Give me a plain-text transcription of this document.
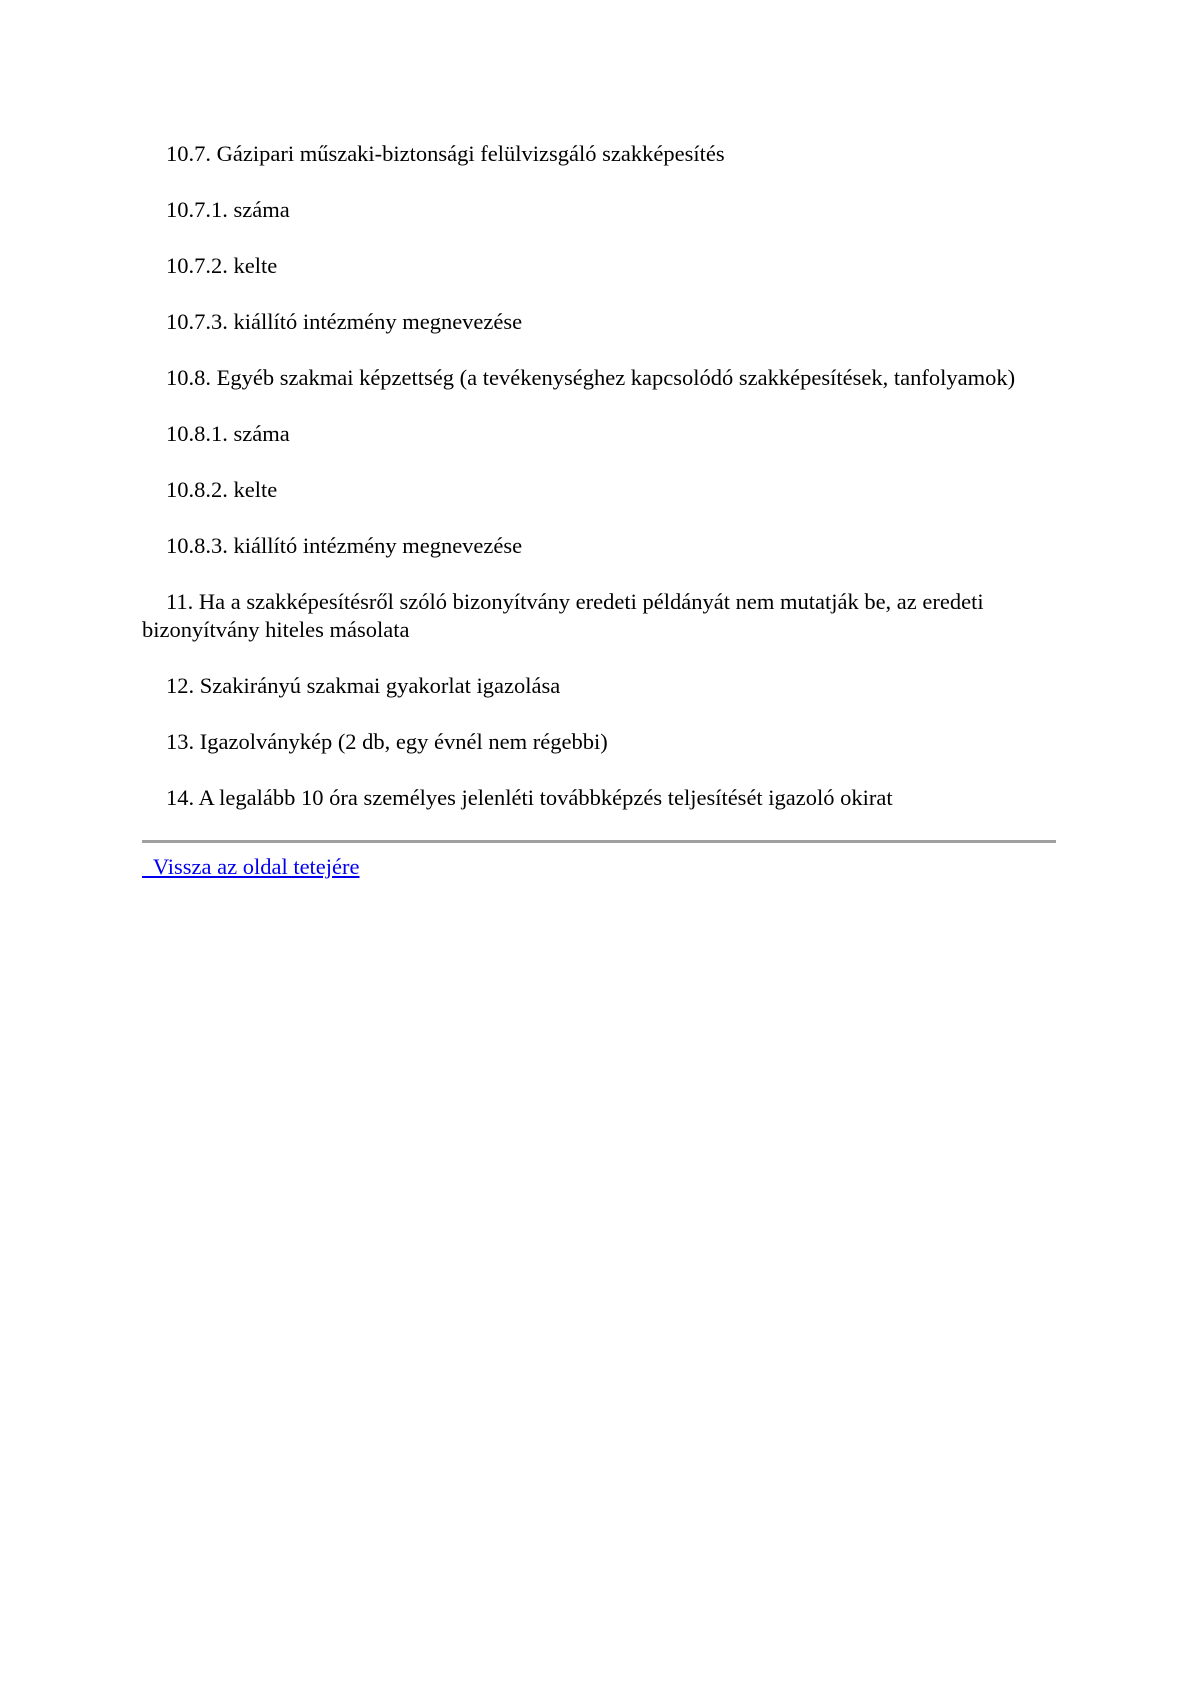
10.7. Gázipari műszaki-biztonsági felülvizsgáló szakképesítés

10.7.1. száma

10.7.2. kelte

10.7.3. kiállító intézmény megnevezése

10.8. Egyéb szakmai képzettség (a tevékenységhez kapcsolódó szakképesítések, tanfolyamok)

10.8.1. száma

10.8.2. kelte

10.8.3. kiállító intézmény megnevezése

11. Ha a szakképesítésről szóló bizonyítvány eredeti példányát nem mutatják be, az eredeti bizonyítvány hiteles másolata

12. Szakirányú szakmai gyakorlat igazolása

13. Igazolványkép (2 db, egy évnél nem régebbi)

14. A legalább 10 óra személyes jelenléti továbbképzés teljesítését igazoló okirat

Vissza az oldal tetejére
